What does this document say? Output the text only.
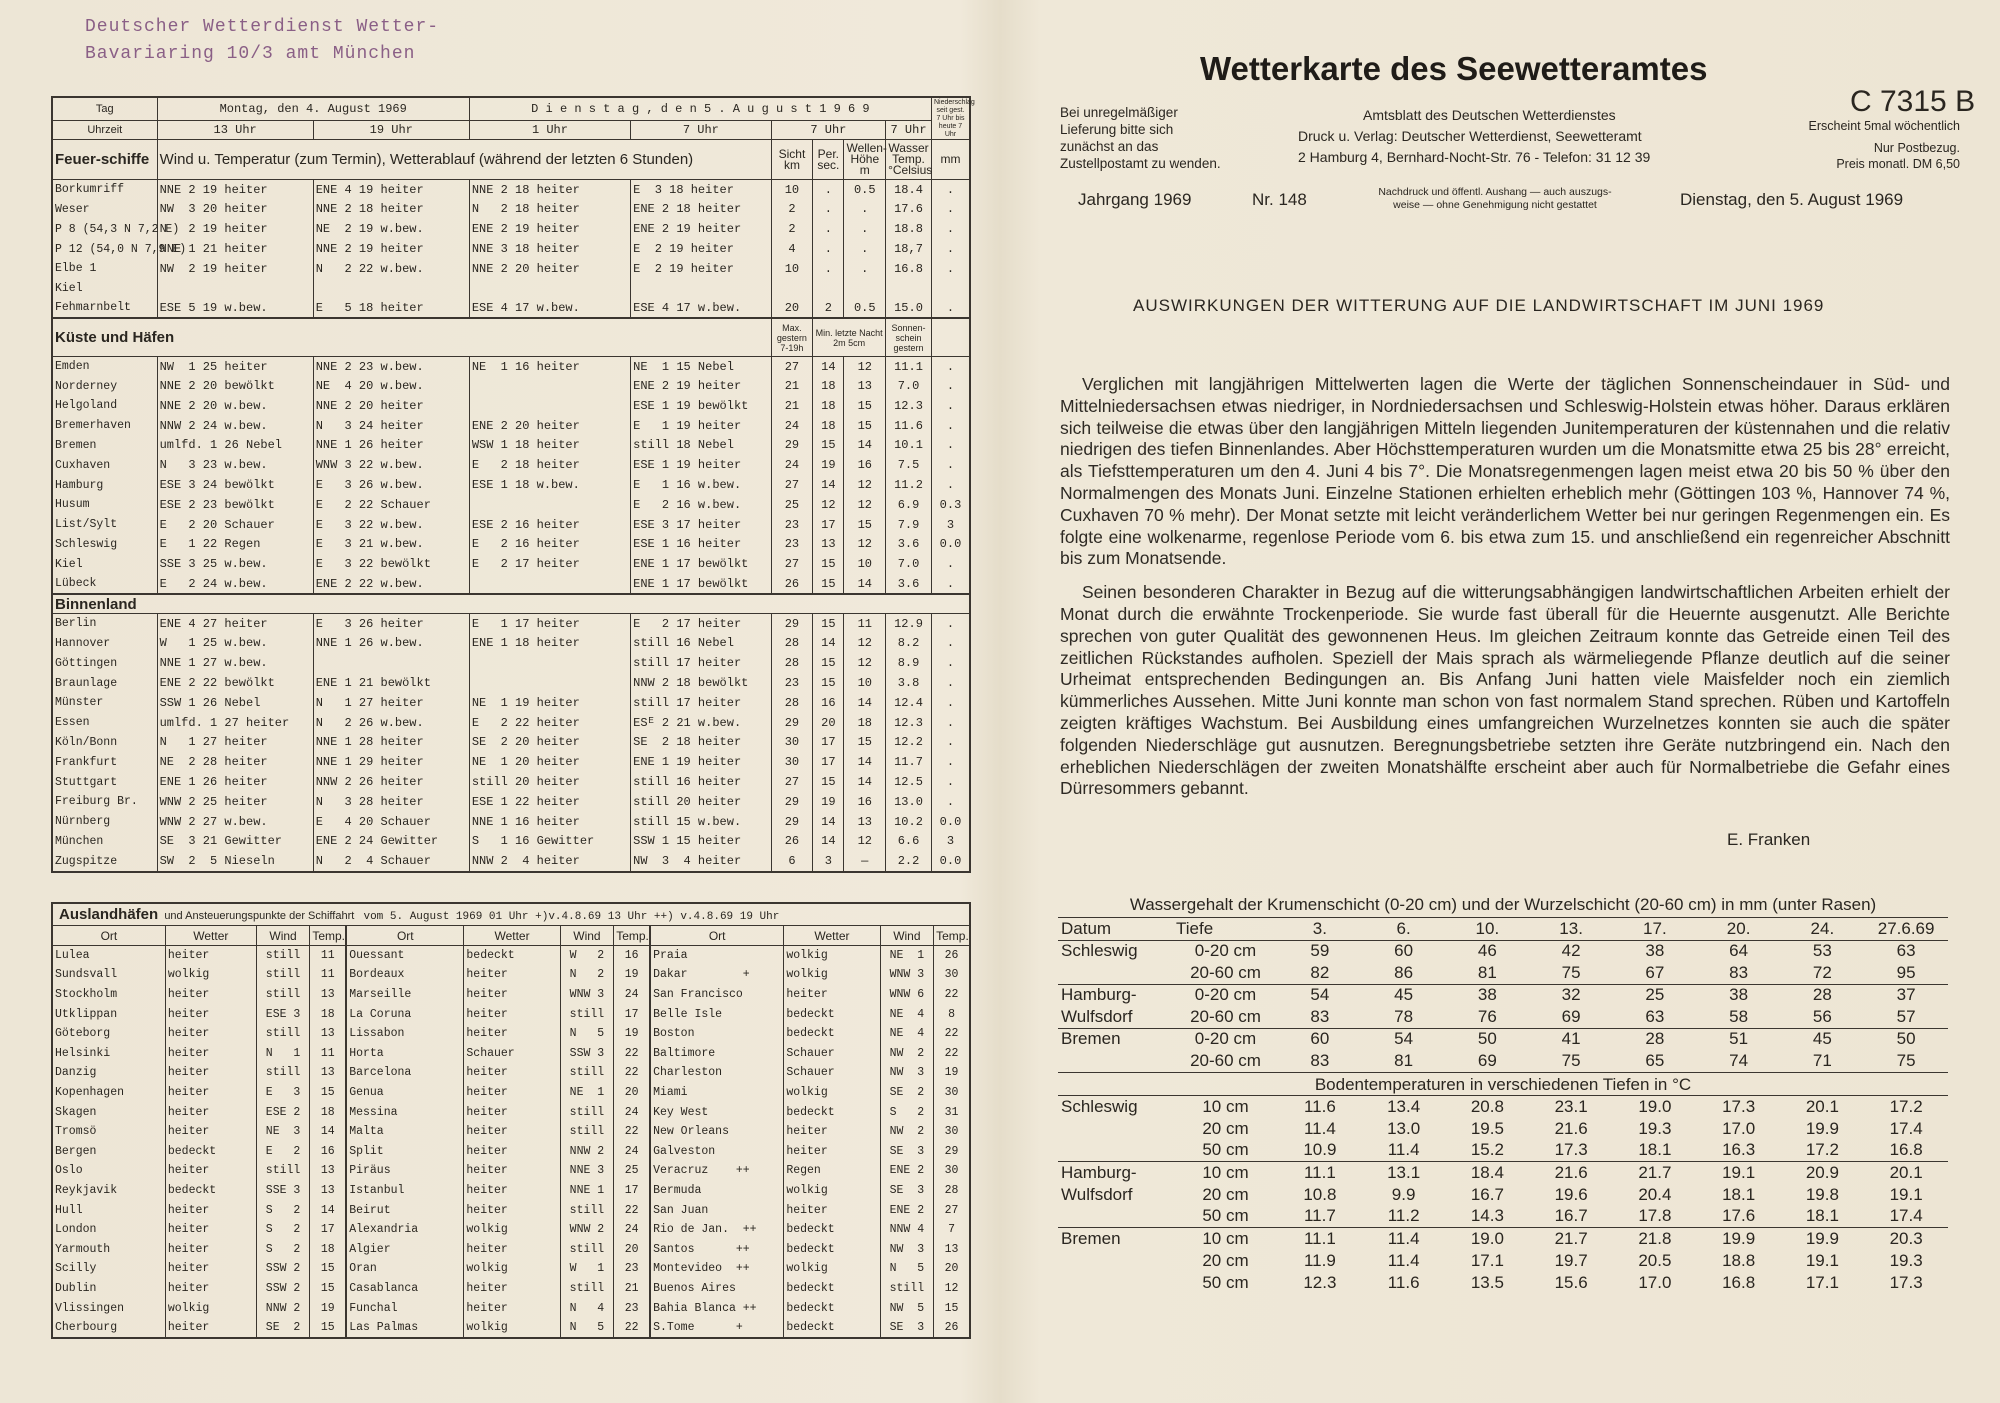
Deutscher Wetterdienst Wetter-
Bavariaring 10/3 amt München
Tag	Montag, den 4. August 1969		D i e n s t a g , d e n 5 . A u g u s t 1 9 6 9						Niederschlag seit gest. 7 Uhr bis heute 7 Uhr
Uhrzeit	13 Uhr	19 Uhr	1 Uhr	7 Uhr	7 Uhr			7 Uhr	
Feuer-schiffe	Wind u. Temperatur (zum Termin), Wetterablauf (während der letzten 6 Stunden)				Sicht km	Per. sec.	Wellen- Höhe m	Wasser Temp. °Celsius	mm
Borkumriff	NNE 2 19 heiter	ENE 4 19 heiter	NNE 2 18 heiter	E  3 18 heiter	10	.	0.5	18.4	.
Weser	NW  3 20 heiter	NNE 2 18 heiter	N   2 18 heiter	ENE 2 18 heiter	2	.	.	17.6	.
P 8 (54,3 N 7,2 E)	N   2 19 heiter	NE  2 19 w.bew.	ENE 2 19 heiter	ENE 2 19 heiter	2	.	.	18.8	.
P 12 (54,0 N 7,9 E)	NNE 1 21 heiter	NNE 2 19 heiter	NNE 3 18 heiter	E  2 19 heiter	4	.	.	18,7	.
Elbe 1	NW  2 19 heiter	N   2 22 w.bew.	NNE 2 20 heiter	E  2 19 heiter	10	.	.	16.8	.
Kiel									
Fehmarnbelt	ESE 5 19 w.bew.	E   5 18 heiter	ESE 4 17 w.bew.	ESE 4 17 w.bew.	20	2	0.5	15.0	.
Küste und Häfen					Max. gestern 7-19h	Min. letzte Nacht 2m 5cm		Sonnen- schein gestern	
Emden	NW  1 25 heiter	NNE 2 23 w.bew.	NE  1 16 heiter	NE  1 15 Nebel	27	14	12	11.1	.
Norderney	NNE 2 20 bewölkt	NE  4 20 w.bew.		ENE 2 19 heiter	21	18	13	7.0	.
Helgoland	NNE 2 20 w.bew.	NNE 2 20 heiter		ESE 1 19 bewölkt	21	18	15	12.3	.
Bremerhaven	NNW 2 24 w.bew.	N   3 24 heiter	ENE 2 20 heiter	E   1 19 heiter	24	18	15	11.6	.
Bremen	umlfd. 1 26 Nebel	NNE 1 26 heiter	WSW 1 18 heiter	still 18 Nebel	29	15	14	10.1	.
Cuxhaven	N   3 23 w.bew.	WNW 3 22 w.bew.	E   2 18 heiter	ESE 1 19 heiter	24	19	16	7.5	.
Hamburg	ESE 3 24 bewölkt	E   3 26 w.bew.	ESE 1 18 w.bew.	E   1 16 w.bew.	27	14	12	11.2	.
Husum	ESE 2 23 bewölkt	E   2 22 Schauer		E   2 16 w.bew.	25	12	12	6.9	0.3
List/Sylt	E   2 20 Schauer	E   3 22 w.bew.	ESE 2 16 heiter	ESE 3 17 heiter	23	17	15	7.9	3
Schleswig	E   1 22 Regen	E   3 21 w.bew.	E   2 16 heiter	ESE 1 16 heiter	23	13	12	3.6	0.0
Kiel	SSE 3 25 w.bew.	E   3 22 bewölkt	E   2 17 heiter	ENE 1 17 bewölkt	27	15	10	7.0	.
Lübeck	E   2 24 w.bew.	ENE 2 22 w.bew.		ENE 1 17 bewölkt	26	15	14	3.6	.
Binnenland									
Berlin	ENE 4 27 heiter	E   3 26 heiter	E   1 17 heiter	E   2 17 heiter	29	15	11	12.9	.
Hannover	W   1 25 w.bew.	NNE 1 26 w.bew.	ENE 1 18 heiter	still 16 Nebel	28	14	12	8.2	.
Göttingen	NNE 1 27 w.bew.			still 17 heiter	28	15	12	8.9	.
Braunlage	ENE 2 22 bewölkt	ENE 1 21 bewölkt		NNW 2 18 bewölkt	23	15	10	3.8	.
Münster	SSW 1 26 Nebel	N   1 27 heiter	NE  1 19 heiter	still 17 heiter	28	16	14	12.4	.
Essen	umlfd. 1 27 heiter	N   2 26 w.bew.	E   2 22 heiter	ESᴱ 2 21 w.bew.	29	20	18	12.3	.
Köln/Bonn	N   1 27 heiter	NNE 1 28 heiter	SE  2 20 heiter	SE  2 18 heiter	30	17	15	12.2	.
Frankfurt	NE  2 28 heiter	NNE 1 29 heiter	NE  1 20 heiter	ENE 1 19 heiter	30	17	14	11.7	.
Stuttgart	ENE 1 26 heiter	NNW 2 26 heiter	still 20 heiter	still 16 heiter	27	15	14	12.5	.
Freiburg Br.	WNW 2 25 heiter	N   3 28 heiter	ESE 1 22 heiter	still 20 heiter	29	19	16	13.0	.
Nürnberg	WNW 2 27 w.bew.	E   4 20 Schauer	NNE 1 16 heiter	still 15 w.bew.	29	14	13	10.2	0.0
München	SE  3 21 Gewitter	ENE 2 24 Gewitter	S   1 16 Gewitter	SSW 1 15 heiter	26	14	12	6.6	3
Zugspitze	SW  2  5 Nieseln	N   2  4 Schauer	NNW 2  4 heiter	NW  3  4 heiter	6	3	—	2.2	0.0
Auslandhäfen und Ansteuerungspunkte der Schiffahrt vom 5. August 1969 01 Uhr +)v.4.8.69 13 Uhr ++) v.4.8.69 19 Uhr
Ort	Wetter	Wind	Temp.	Ort	Wetter	Wind	Temp.	Ort	Wetter	Wind	Temp.
Lulea	heiter	still	11	Ouessant	bedeckt	W   2	16	Praia	wolkig	NE  1	26
Sundsvall	wolkig	still	11	Bordeaux	heiter	N   2	19	Dakar        +	wolkig	WNW 3	30
Stockholm	heiter	still	13	Marseille	heiter	WNW 3	24	San Francisco	heiter	WNW 6	22
Utklippan	heiter	ESE 3	18	La Coruna	heiter	still	17	Belle Isle	bedeckt	NE  4	8
Göteborg	heiter	still	13	Lissabon	heiter	N   5	19	Boston	bedeckt	NE  4	22
Helsinki	heiter	N   1	11	Horta	Schauer	SSW 3	22	Baltimore	Schauer	NW  2	22
Danzig	heiter	still	13	Barcelona	heiter	still	22	Charleston	Schauer	NW  3	19
Kopenhagen	heiter	E   3	15	Genua	heiter	NE  1	20	Miami	wolkig	SE  2	30
Skagen	heiter	ESE 2	18	Messina	heiter	still	24	Key West	bedeckt	S   2	31
Tromsö	heiter	NE  3	14	Malta	heiter	still	22	New Orleans	heiter	NW  2	30
Bergen	bedeckt	E   2	16	Split	heiter	NNW 2	24	Galveston	heiter	SE  3	29
Oslo	heiter	still	13	Piräus	heiter	NNE 3	25	Veracruz    ++	Regen	ENE 2	30
Reykjavik	bedeckt	SSE 3	13	Istanbul	heiter	NNE 1	17	Bermuda	wolkig	SE  3	28
Hull	heiter	S   2	14	Beirut	heiter	still	22	San Juan	heiter	ENE 2	27
London	heiter	S   2	17	Alexandria	wolkig	WNW 2	24	Rio de Jan.  ++	bedeckt	NNW 4	7
Yarmouth	heiter	S   2	18	Algier	heiter	still	20	Santos      ++	bedeckt	NW  3	13
Scilly	heiter	SSW 2	15	Oran	wolkig	W   1	23	Montevideo  ++	wolkig	N   5	20
Dublin	heiter	SSW 2	15	Casablanca	heiter	still	21	Buenos Aires	bedeckt	still	12
Vlissingen	wolkig	NNW 2	19	Funchal	heiter	N   4	23	Bahia Blanca ++	bedeckt	NW  5	15
Cherbourg	heiter	SE  2	15	Las Palmas	wolkig	N   5	22	S.Tome      +	bedeckt	SE  3	26
Wetterkarte des Seewetteramtes
C 7315 B
Erscheint 5mal wöchentlich
Nur Postbezug.
Preis monatl. DM 6,50
Bei unregelmäßiger
Lieferung bitte sich
zunächst an das
Zustellpostamt zu wenden.
Amtsblatt des Deutschen Wetterdienstes
Druck u. Verlag: Deutscher Wetterdienst, Seewetteramt
2 Hamburg 4, Bernhard-Nocht-Str. 76 - Telefon: 31 12 39
Jahrgang 1969	Nr. 148	Nachdruck und öffentl. Aushang — auch auszugs-
weise — ohne Genehmigung nicht gestattet	Dienstag, den 5. August 1969
AUSWIRKUNGEN DER WITTERUNG AUF DIE LANDWIRTSCHAFT IM JUNI 1969

Verglichen mit langjährigen Mittelwerten lagen die Werte der täglichen Sonnenscheindauer in Süd- und Mittelniedersachsen etwas niedriger, in Nordniedersachsen und Schleswig-Holstein etwas höher. Daraus erklären sich teilweise die etwas über den langjährigen Mitteln liegenden Junitemperaturen der küstennahen und die relativ niedrigen des tiefen Binnenlandes. Aber Höchsttemperaturen wurden um die Monatsmitte etwa 25 bis 28° erreicht, als Tiefsttemperaturen um den 4. Juni 4 bis 7°. Die Monatsregenmengen lagen meist etwa 20 bis 50 % über den Normalmengen des Monats Juni. Einzelne Stationen erhielten erheblich mehr (Göttingen 103 %, Hannover 74 %, Cuxhaven 70 % mehr). Der Monat setzte mit leicht veränderlichem Wetter bei nur geringen Regenmengen ein. Es folgte eine wolkenarme, regenlose Periode vom 6. bis etwa zum 15. und anschließend ein regenreicher Abschnitt bis zum Monatsende.

Seinen besonderen Charakter in Bezug auf die witterungsabhängigen landwirtschaftlichen Arbeiten erhielt der Monat durch die erwähnte Trockenperiode. Sie wurde fast überall für die Heuernte ausgenutzt. Alle Berichte sprechen von guter Qualität des gewonnenen Heus. Im gleichen Zeitraum konnte das Getreide einen Teil des zeitlichen Rückstandes aufholen. Speziell der Mais sprach als wärmeliegende Pflanze deutlich auf die seiner Urheimat entsprechenden Bedingungen an. Bis Anfang Juni hatten viele Maisfelder noch ein ziemlich kümmerliches Aussehen. Mitte Juni konnte man schon von fast normalem Stand sprechen. Rüben und Kartoffeln zeigten kräftiges Wachstum. Bei Ausbildung eines umfangreichen Wurzelnetzes konnten sie auch die später folgenden Niederschläge gut ausnutzen. Beregnungsbetriebe setzten ihre Geräte nutzbringend ein. Nach den erheblichen Niederschlägen der zweiten Monatshälfte erscheint aber auch für Normalbetriebe die Gefahr eines Dürresommers gebannt.

E. Franken
Wassergehalt der Krumenschicht (0-20 cm) und der Wurzelschicht (20-60 cm) in mm (unter Rasen)
Datum	Tiefe	3.	6.	10.	13.	17.	20.	24.	27.6.69
Schleswig	0-20 cm	59	60	46	42	38	64	53	63
	20-60 cm	82	86	81	75	67	83	72	95
Hamburg-	0-20 cm	54	45	38	32	25	38	28	37
Wulfsdorf	20-60 cm	83	78	76	69	63	58	56	57
Bremen	0-20 cm	60	54	50	41	28	51	45	50
	20-60 cm	83	81	69	75	65	74	71	75
Bodentemperaturen in verschiedenen Tiefen in °C
Schleswig	10 cm	11.6	13.4	20.8	23.1	19.0	17.3	20.1	17.2
	20 cm	11.4	13.0	19.5	21.6	19.3	17.0	19.9	17.4
	50 cm	10.9	11.4	15.2	17.3	18.1	16.3	17.2	16.8
Hamburg-	10 cm	11.1	13.1	18.4	21.6	21.7	19.1	20.9	20.1
Wulfsdorf	20 cm	10.8	9.9	16.7	19.6	20.4	18.1	19.8	19.1
	50 cm	11.7	11.2	14.3	16.7	17.8	17.6	18.1	17.4
Bremen	10 cm	11.1	11.4	19.0	21.7	21.8	19.9	19.9	20.3
	20 cm	11.9	11.4	17.1	19.7	20.5	18.8	19.1	19.3
	50 cm	12.3	11.6	13.5	15.6	17.0	16.8	17.1	17.3
